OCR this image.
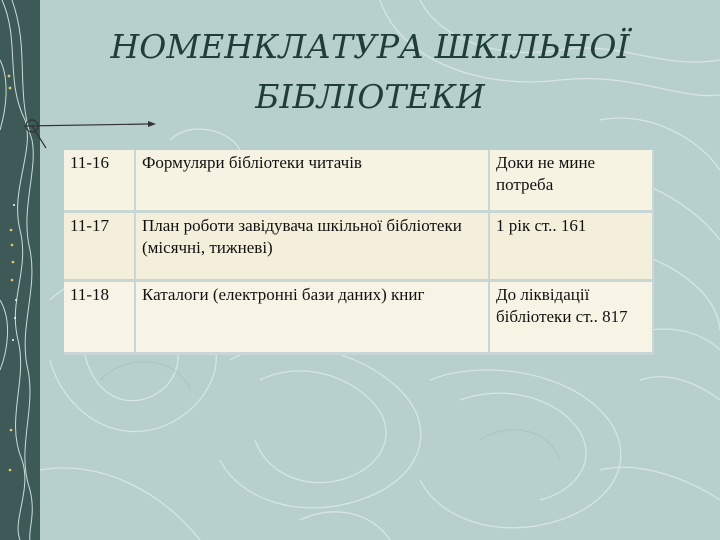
НОМЕНКЛАТУРА ШКІЛЬНОЇ
БІБЛІОТЕКИ
11-16	Формуляри бібліотеки читачів	Доки не мине потреба
11-17	План роботи завідувача шкільної бібліотеки (місячні, тижневі)	1 рік ст.. 161
11-18	Каталоги (електронні бази даних) книг	До ліквідації бібліотеки ст.. 817
